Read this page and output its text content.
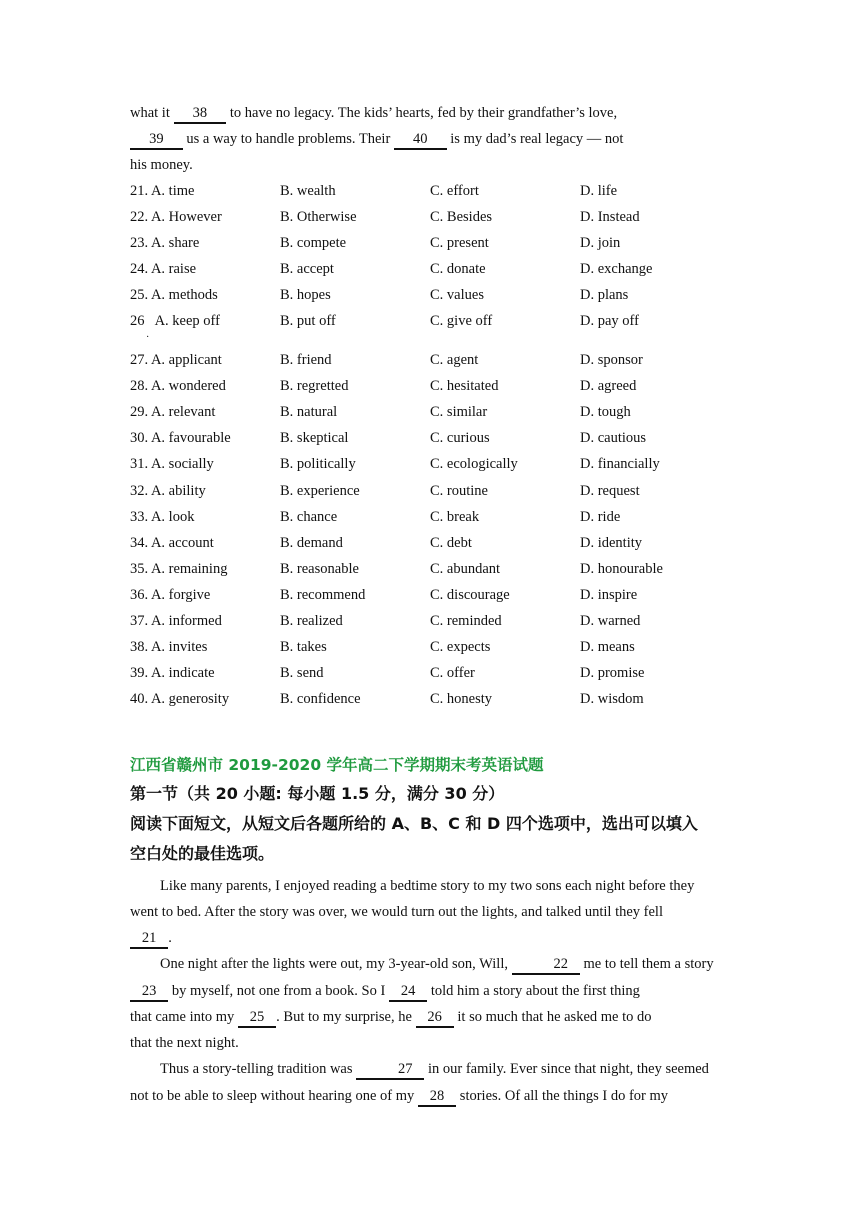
what it      38      to have no legacy. The kids’ hearts, fed by their grandfather’s love,

39      us a way to handle problems. Their      40      is my dad’s real legacy — not

his money.

21. A. time	B. wealth	C. effort	D. life
22. A. However	B. Otherwise	C. Besides	D. Instead
23. A. share	B. compete	C. present	D. join
24. A. raise	B. accept	C. donate	D. exchange
25. A. methods	B. hopes	C. values	D. plans
26   A. keep off	B. put off	C. give off	D. pay off
·
27. A. applicant	B. friend	C. agent	D. sponsor
28. A. wondered	B. regretted	C. hesitated	D. agreed
29. A. relevant	B. natural	C. similar	D. tough
30. A. favourable	B. skeptical	C. curious	D. cautious
31. A. socially	B. politically	C. ecologically	D. financially
32. A. ability	B. experience	C. routine	D. request
33. A. look	B. chance	C. break	D. ride
34. A. account	B. demand	C. debt	D. identity
35. A. remaining	B. reasonable	C. abundant	D. honourable
36. A. forgive	B. recommend	C. discourage	D. inspire
37. A. informed	B. realized	C. reminded	D. warned
38. A. invites	B. takes	C. expects	D. means
39. A. indicate	B. send	C. offer	D. promise
40. A. generosity	B. confidence	C. honesty	D. wisdom
江西省赣州市 2019-2020 学年高二下学期期末考英语试题
第一节（共 20 小题: 每小题 1.5 分，满分 30 分）
阅读下面短文，从短文后各题所给的 A、B、C 和 D 四个选项中，选出可以填入
空白处的最佳选项。

Like many parents, I enjoyed reading a bedtime story to my two sons each night before they

went to bed. After the story was over, we would turn out the lights, and talked until they fell

21 .

One night after the lights were out, my 3-year-old son, Will,	22    me to tell them a story

23    by myself, not one from a book. So I    24    told him a story about the first thing

that came into my    25 . But to my surprise, he    26    it so much that he asked me to do

that the next night.

Thus a story-telling tradition was	27    in our family. Ever since that night, they seemed

not to be able to sleep without hearing one of my    28    stories. Of all the things I do for my
